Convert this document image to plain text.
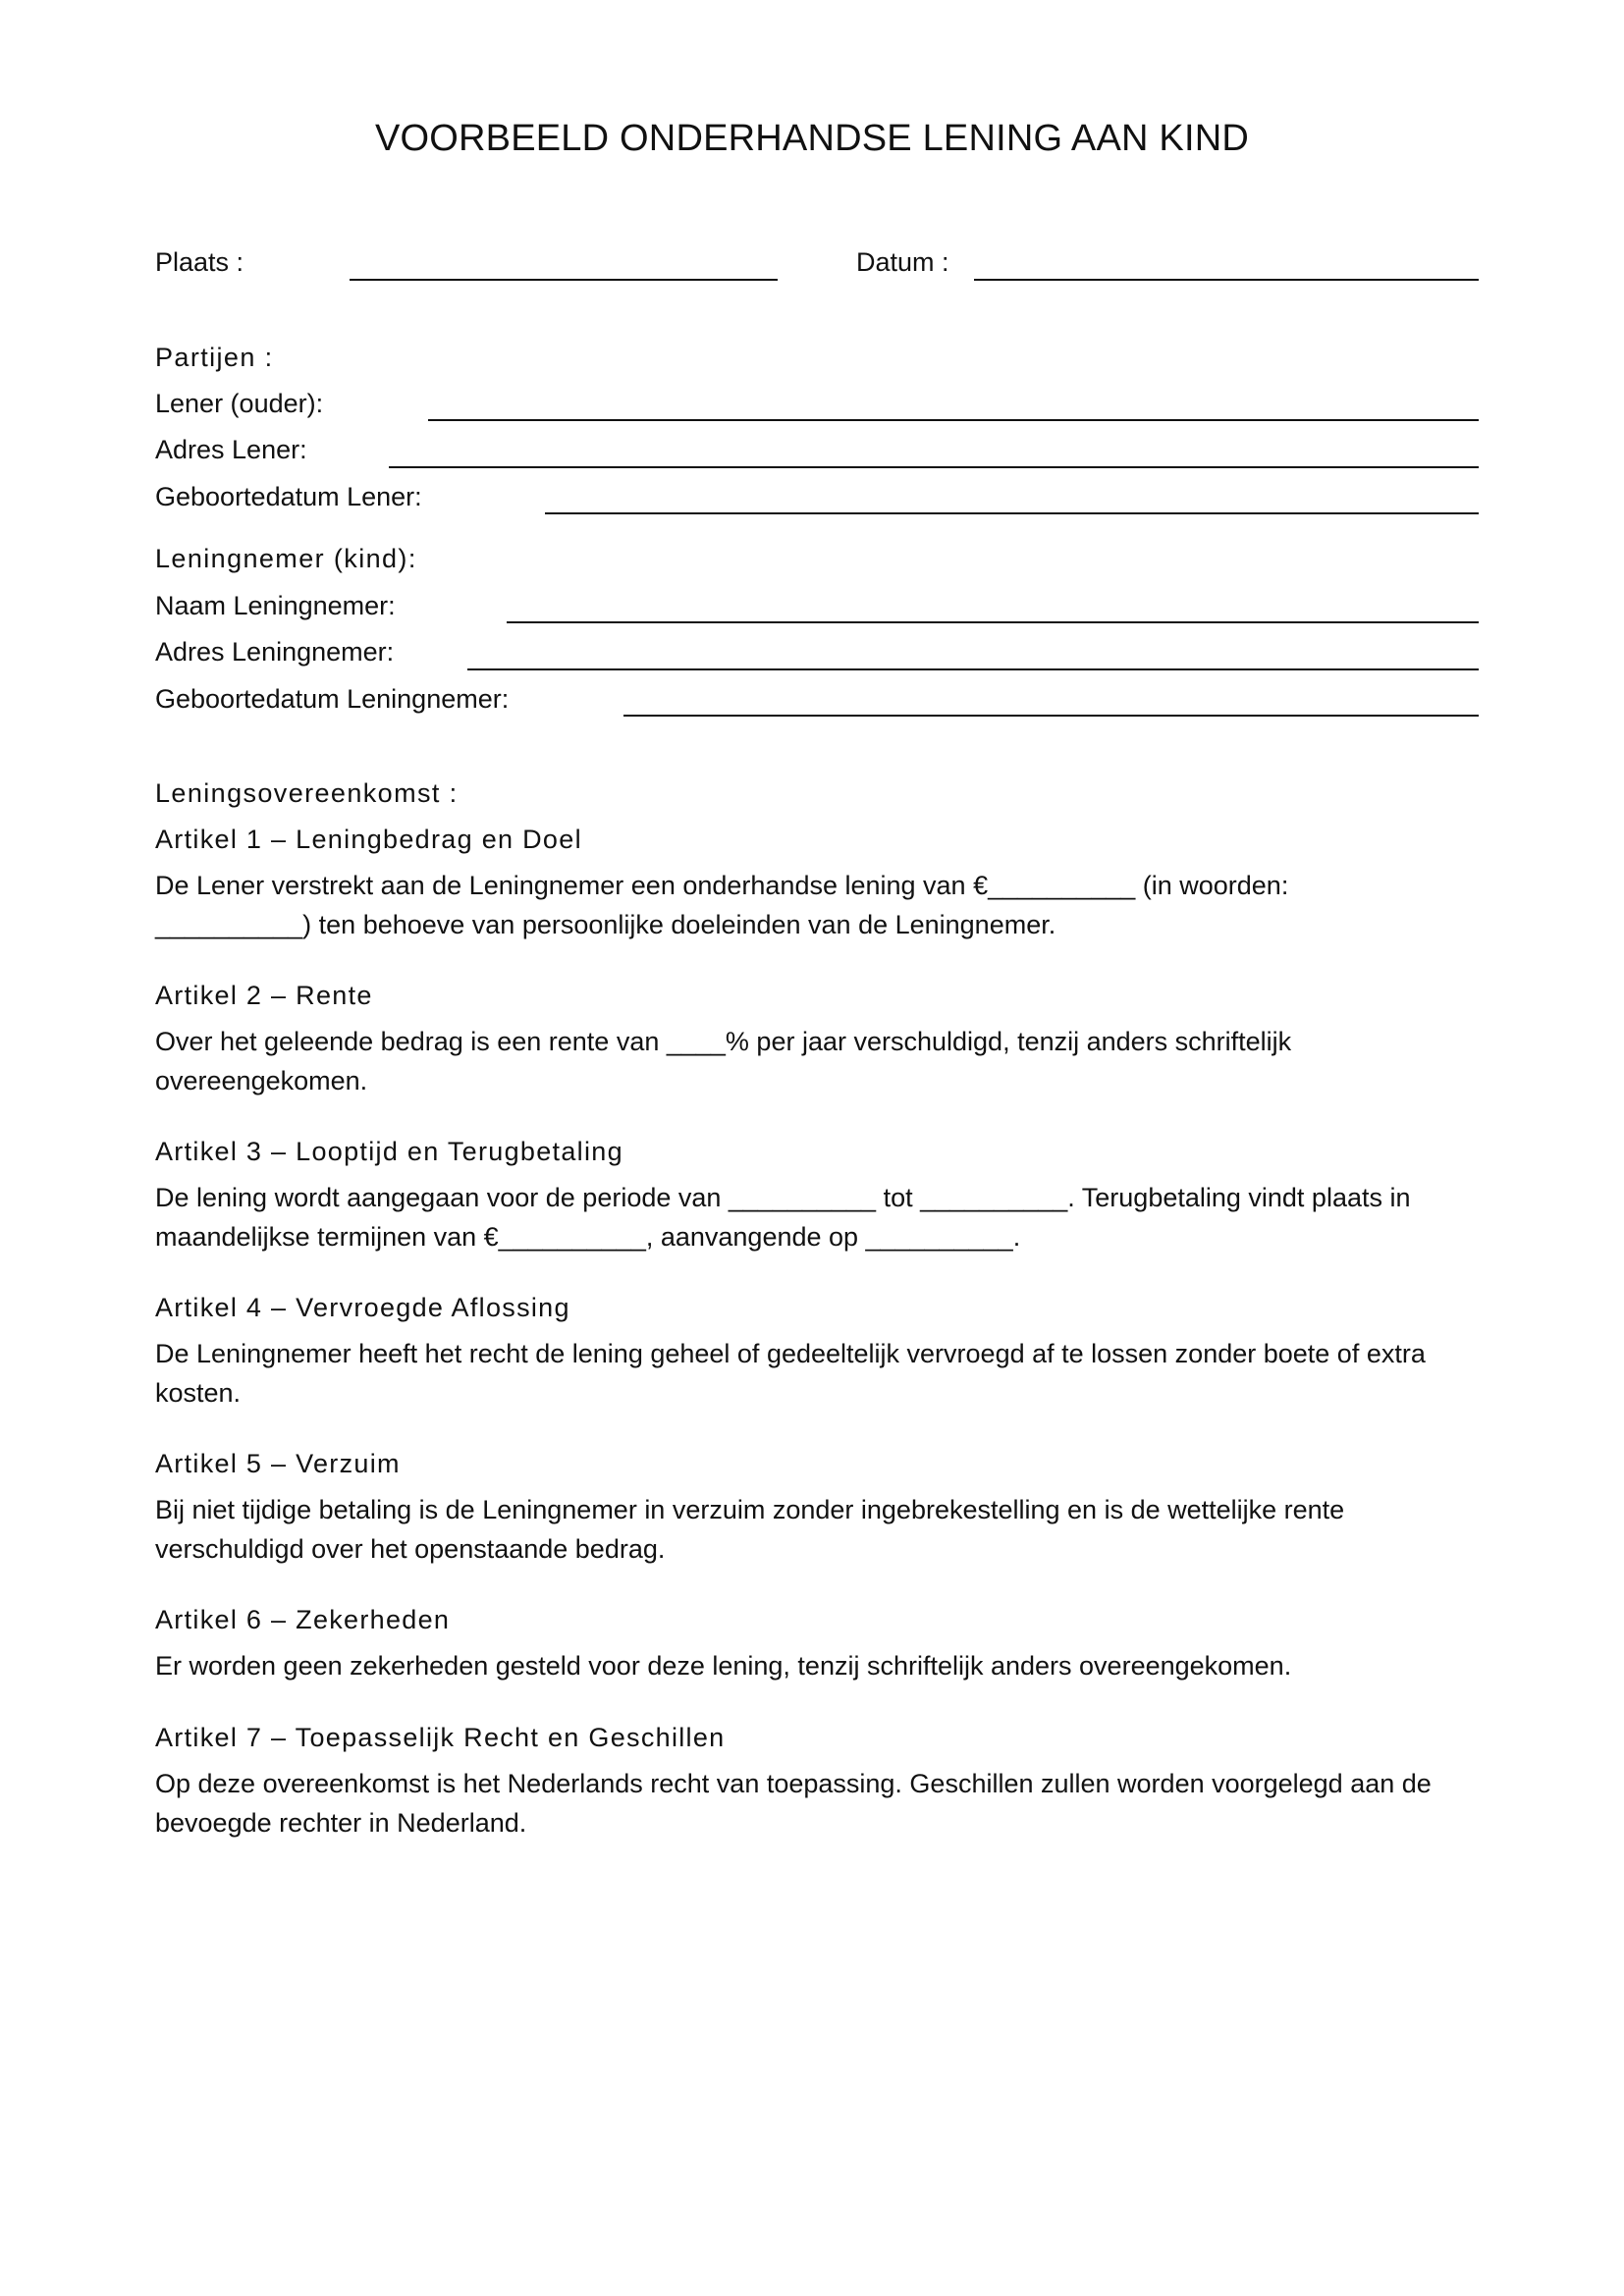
VOORBEELD ONDERHANDSE LENING AAN KIND
Plaats :	Datum :
Partijen :
Lener (ouder):
Adres Lener:
Geboortedatum Lener:
Leningnemer (kind):
Naam Leningnemer:
Adres Leningnemer:
Geboortedatum Leningnemer:
Leningsovereenkomst :
Artikel 1 – Leningbedrag en Doel
De Lener verstrekt aan de Leningnemer een onderhandse lening van €__________ (in woorden:
__________) ten behoeve van persoonlijke doeleinden van de Leningnemer.
Artikel 2 – Rente
Over het geleende bedrag is een rente van ____% per jaar verschuldigd, tenzij anders schriftelijk
overeengekomen.
Artikel 3 – Looptijd en Terugbetaling
De lening wordt aangegaan voor de periode van __________ tot __________. Terugbetaling vindt plaats in
maandelijkse termijnen van €__________, aanvangende op __________.
Artikel 4 – Vervroegde Aflossing
De Leningnemer heeft het recht de lening geheel of gedeeltelijk vervroegd af te lossen zonder boete of extra
kosten.
Artikel 5 – Verzuim
Bij niet tijdige betaling is de Leningnemer in verzuim zonder ingebrekestelling en is de wettelijke rente
verschuldigd over het openstaande bedrag.
Artikel 6 – Zekerheden
Er worden geen zekerheden gesteld voor deze lening, tenzij schriftelijk anders overeengekomen.
Artikel 7 – Toepasselijk Recht en Geschillen
Op deze overeenkomst is het Nederlands recht van toepassing. Geschillen zullen worden voorgelegd aan de
bevoegde rechter in Nederland.
